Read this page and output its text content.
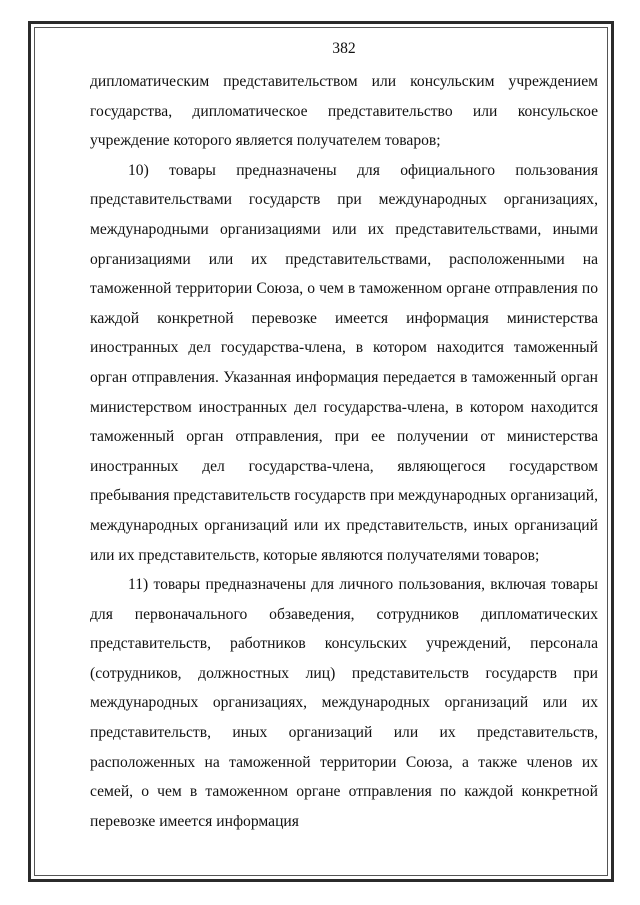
382

дипломатическим представительством или консульским учреждением государства, дипломатическое представительство или консульское учреждение которого является получателем товаров;

10) товары предназначены для официального пользования представительствами государств при международных организациях, международными организациями или их представительствами, иными организациями или их представительствами, расположенными на таможенной территории Союза, о чем в таможенном органе отправления по каждой конкретной перевозке имеется информация министерства иностранных дел государства-члена, в котором находится таможенный орган отправления. Указанная информация передается в таможенный орган министерством иностранных дел государства-члена, в котором находится таможенный орган отправления, при ее получении от министерства иностранных дел государства-члена, являющегося государством пребывания представительств государств при международных организаций, международных организаций или их представительств, иных организаций или их представительств, которые являются получателями товаров;

11) товары предназначены для личного пользования, включая товары для первоначального обзаведения, сотрудников дипломатических представительств, работников консульских учреждений, персонала (сотрудников, должностных лиц) представительств государств при международных организациях, международных организаций или их представительств, иных организаций или их представительств, расположенных на таможенной территории Союза, а также членов их семей, о чем в таможенном органе отправления по каждой конкретной перевозке имеется информация
